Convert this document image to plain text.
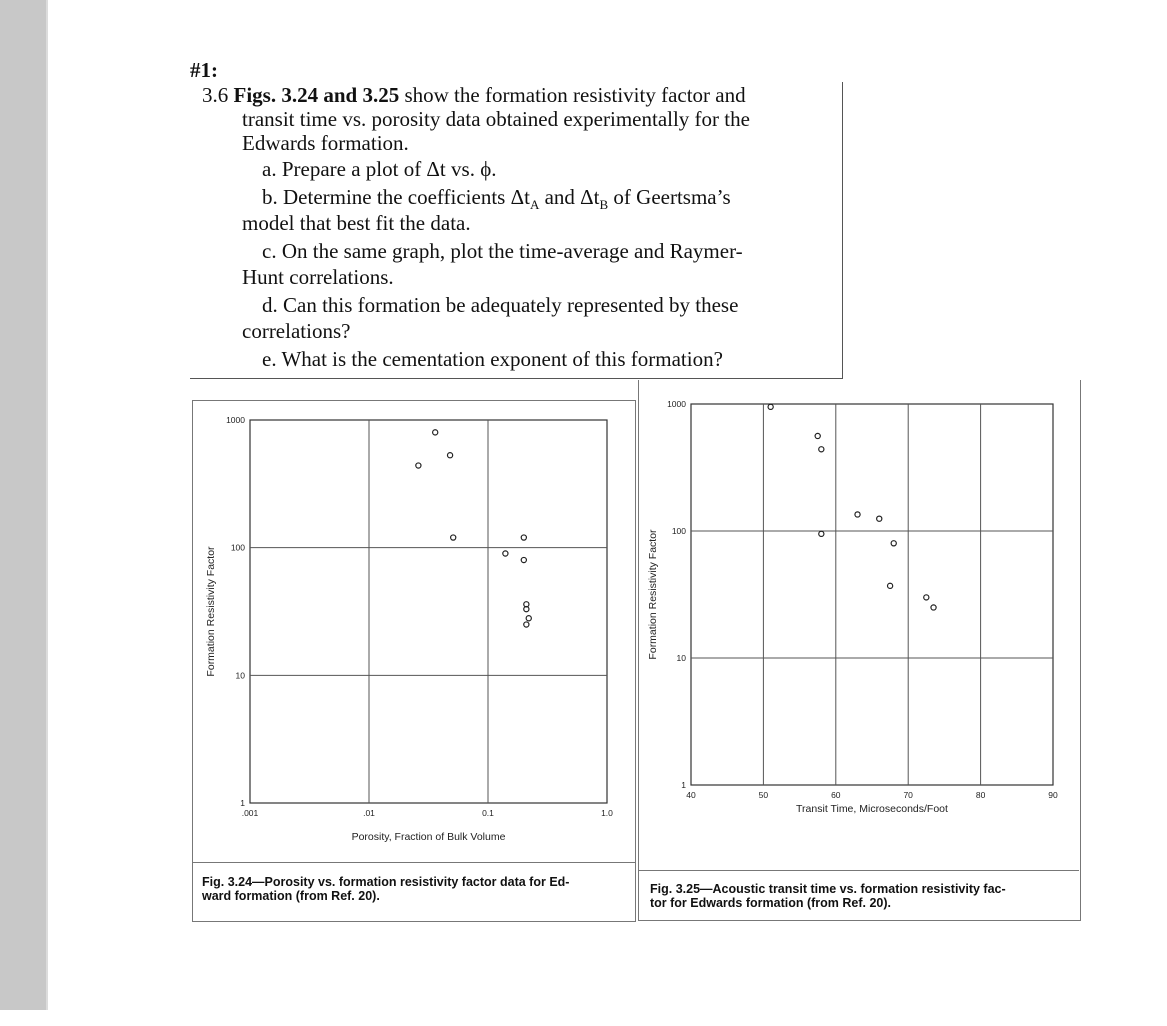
#1:
3.6 Figs. 3.24 and 3.25 show the formation resistivity factor and
transit time vs. porosity data obtained experimentally for the
Edwards formation.
a. Prepare a plot of Δt vs. ϕ.
b. Determine the coefficients $\Delta t_A$ and $\Delta t_B$ of Geertsma’s
model that best fit the data.
c. On the same graph, plot the time-average and Raymer-
Hunt correlations.
d. Can this formation be adequately represented by these
correlations?
e. What is the cementation exponent of this formation?
.001	.01	0.1	1.0
1
10
100
1000
Porosity, Fraction of Bulk Volume
Formation Resistivity Factor
Fig. 3.24—Porosity vs. formation resistivity factor data for Ed-
ward formation (from Ref. 20).
40	50	60	70	80	90
1
10
100
1000
Transit Time, Microseconds/Foot
Formation Resistivity Factor
Fig. 3.25—Acoustic transit time vs. formation resistivity fac-
tor for Edwards formation (from Ref. 20).
